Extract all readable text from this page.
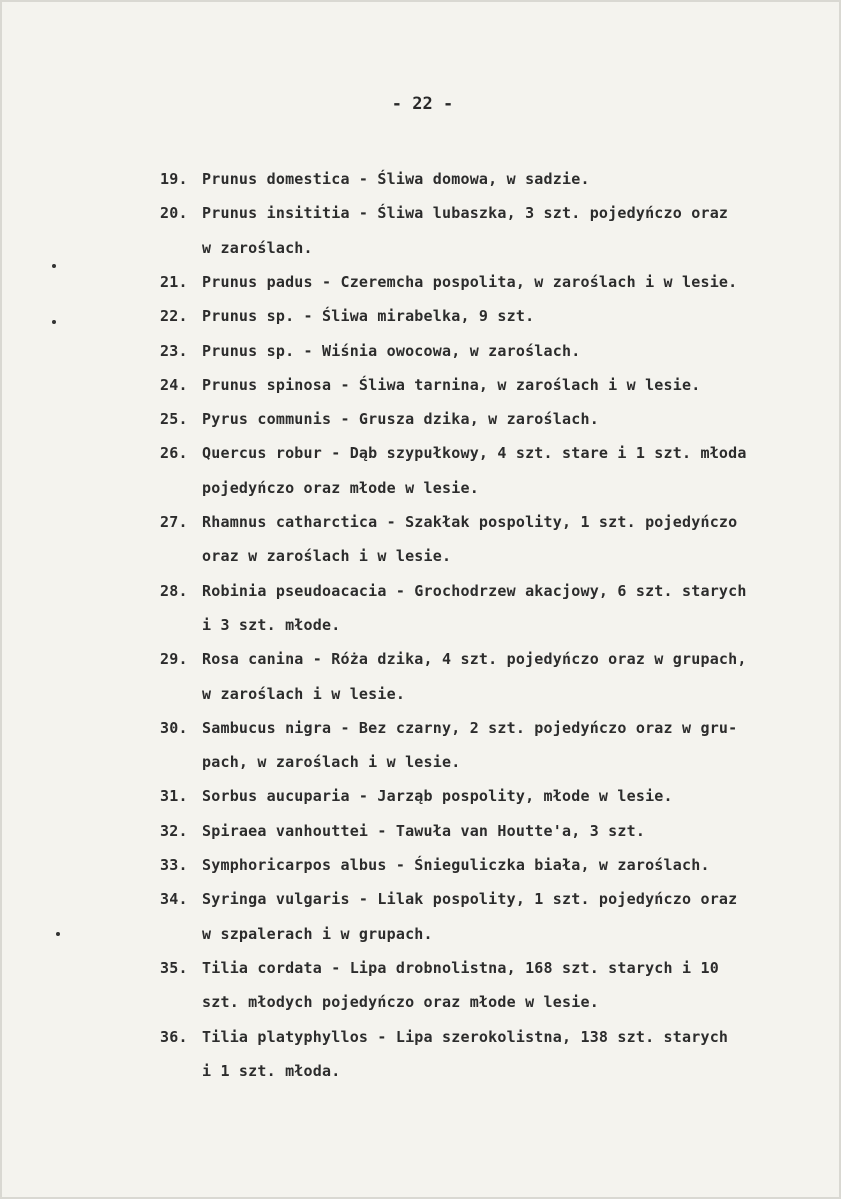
- 22 -
19. Prunus domestica - Śliwa domowa, w sadzie.
20. Prunus insititia - Śliwa lubaszka, 3 szt. pojedyńczo oraz
w zaroślach.
21. Prunus padus - Czeremcha pospolita, w zaroślach i w lesie.
22. Prunus sp. - Śliwa mirabelka, 9 szt.
23. Prunus sp. - Wiśnia owocowa, w zaroślach.
24. Prunus spinosa - Śliwa tarnina, w zaroślach i w lesie.
25. Pyrus communis - Grusza dzika, w zaroślach.
26. Quercus robur - Dąb szypułkowy, 4 szt. stare i 1 szt. młoda
pojedyńczo oraz młode w lesie.
27. Rhamnus catharctica - Szakłak pospolity, 1 szt. pojedyńczo
oraz w zaroślach i w lesie.
28. Robinia pseudoacacia - Grochodrzew akacjowy, 6 szt. starych
i 3 szt. młode.
29. Rosa canina - Róża dzika, 4 szt. pojedyńczo oraz w grupach,
w zaroślach i w lesie.
30. Sambucus nigra - Bez czarny, 2 szt. pojedyńczo oraz w gru-
pach, w zaroślach i w lesie.
31. Sorbus aucuparia - Jarząb pospolity, młode w lesie.
32. Spiraea vanhouttei - Tawuła van Houtte'a, 3 szt.
33. Symphoricarpos albus - Śnieguliczka biała, w zaroślach.
34. Syringa vulgaris - Lilak pospolity, 1 szt. pojedyńczo oraz
w szpalerach i w grupach.
35. Tilia cordata - Lipa drobnolistna, 168 szt. starych i 10
szt. młodych pojedyńczo oraz młode w lesie.
36. Tilia platyphyllos - Lipa szerokolistna, 138 szt. starych
i 1 szt. młoda.
